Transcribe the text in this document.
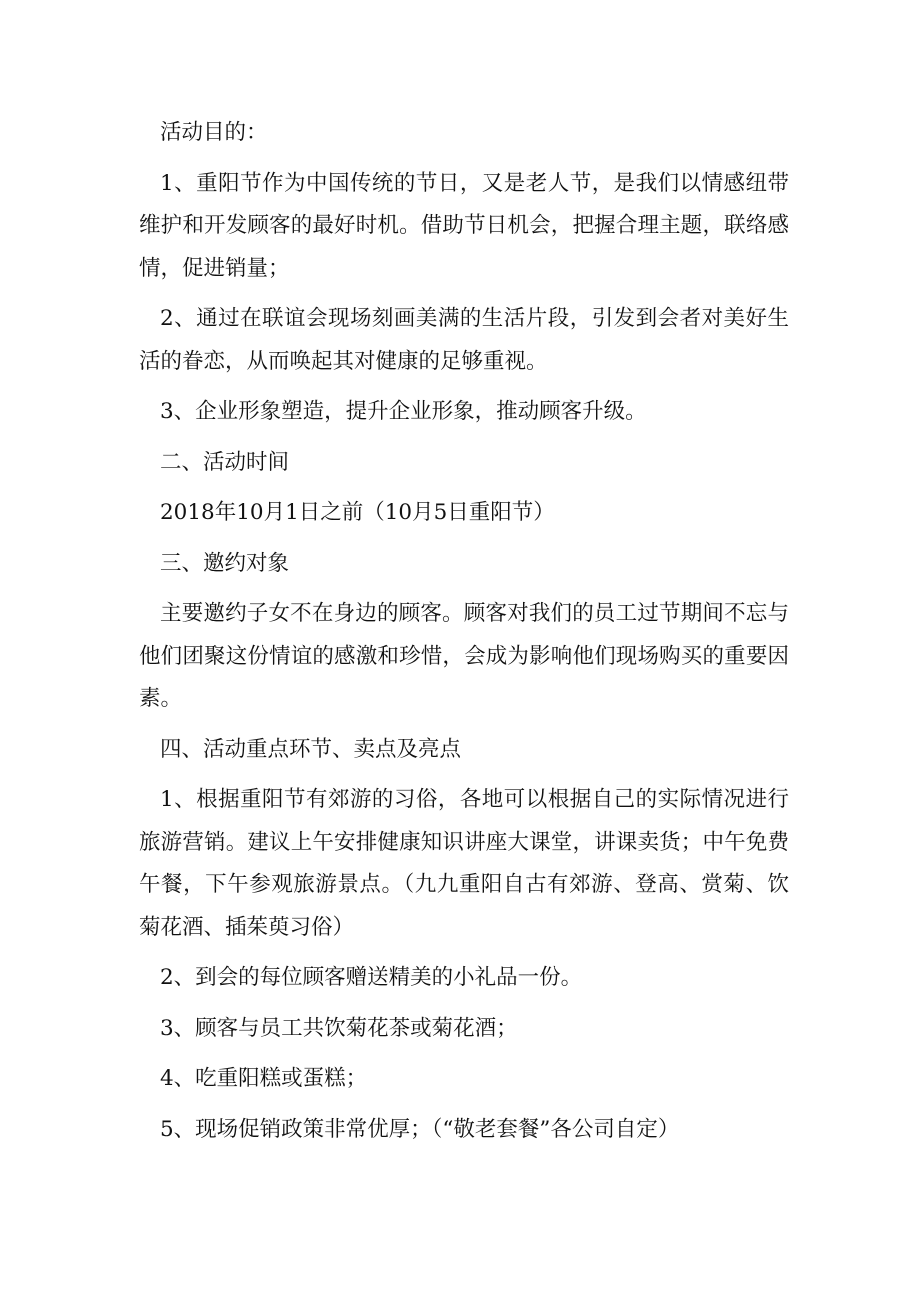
活动目的：

1、重阳节作为中国传统的节日，又是老人节，是我们以情感纽带维护和开发顾客的最好时机。借助节日机会，把握合理主题，联络感情，促进销量；

2、通过在联谊会现场刻画美满的生活片段，引发到会者对美好生活的眷恋，从而唤起其对健康的足够重视。

3、企业形象塑造，提升企业形象，推动顾客升级。

二、活动时间

2018年10月1日之前（10月5日重阳节）

三、邀约对象

主要邀约子女不在身边的顾客。顾客对我们的员工过节期间不忘与他们团聚这份情谊的感激和珍惜，会成为影响他们现场购买的重要因素。

四、活动重点环节、卖点及亮点

1、根据重阳节有郊游的习俗，各地可以根据自己的实际情况进行旅游营销。建议上午安排健康知识讲座大课堂，讲课卖货；中午免费午餐，下午参观旅游景点。（九九重阳自古有郊游、登高、赏菊、饮菊花酒、插茱萸习俗）

2、到会的每位顾客赠送精美的小礼品一份。

3、顾客与员工共饮菊花茶或菊花酒；

4、吃重阳糕或蛋糕；

5、现场促销政策非常优厚；（“敬老套餐”各公司自定）
